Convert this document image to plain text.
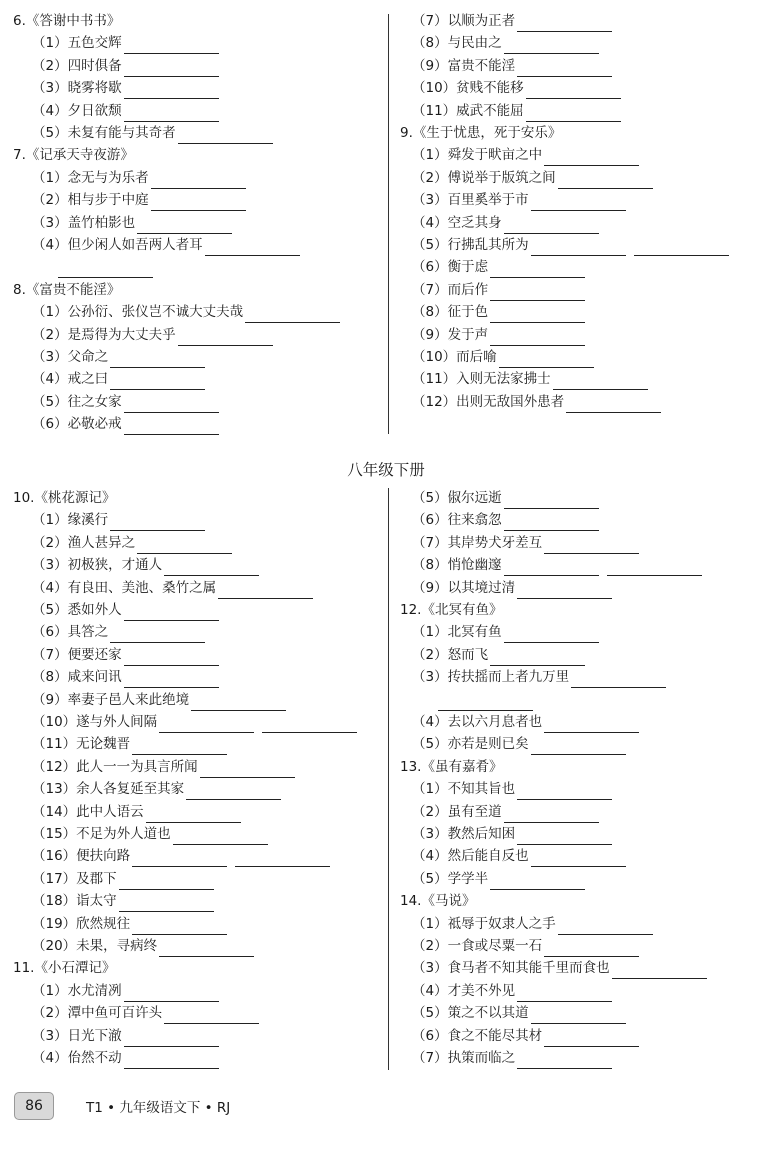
6.《答谢中书书》
（1）五色交辉
（2）四时俱备
（3）晓雾将歇
（4）夕日欲颓
（5）未复有能与其奇者
7.《记承天寺夜游》
（1）念无与为乐者
（2）相与步于中庭
（3）盖竹柏影也
（4）但少闲人如吾两人者耳
8.《富贵不能淫》
（1）公孙衍、张仪岂不诚大丈夫哉
（2）是焉得为大丈夫乎
（3）父命之
（4）戒之曰
（5）往之女家
（6）必敬必戒
（7）以顺为正者
（8）与民由之
（9）富贵不能淫
（10）贫贱不能移
（11）威武不能屈
9.《生于忧患，死于安乐》
（1）舜发于畎亩之中
（2）傅说举于版筑之间
（3）百里奚举于市
（4）空乏其身
（5）行拂乱其所为
（6）衡于虑
（7）而后作
（8）征于色
（9）发于声
（10）而后喻
（11）入则无法家拂士
（12）出则无敌国外患者
八年级下册
10.《桃花源记》
（1）缘溪行
（2）渔人甚异之
（3）初极狭，才通人
（4）有良田、美池、桑竹之属
（5）悉如外人
（6）具答之
（7）便要还家
（8）咸来问讯
（9）率妻子邑人来此绝境
（10）遂与外人间隔
（11）无论魏晋
（12）此人一一为具言所闻
（13）余人各复延至其家
（14）此中人语云
（15）不足为外人道也
（16）便扶向路
（17）及郡下
（18）诣太守
（19）欣然规往
（20）未果，寻病终
11.《小石潭记》
（1）水尤清冽
（2）潭中鱼可百许头
（3）日光下澈
（4）佁然不动
（5）俶尔远逝
（6）往来翕忽
（7）其岸势犬牙差互
（8）悄怆幽邃
（9）以其境过清
12.《北冥有鱼》
（1）北冥有鱼
（2）怒而飞
（3）抟扶摇而上者九万里
（4）去以六月息者也
（5）亦若是则已矣
13.《虽有嘉肴》
（1）不知其旨也
（2）虽有至道
（3）教然后知困
（4）然后能自反也
（5）学学半
14.《马说》
（1）祗辱于奴隶人之手
（2）一食或尽粟一石
（3）食马者不知其能千里而食也
（4）才美不外见
（5）策之不以其道
（6）食之不能尽其材
（7）执策而临之
86	T1 • 九年级语文下 • RJ
